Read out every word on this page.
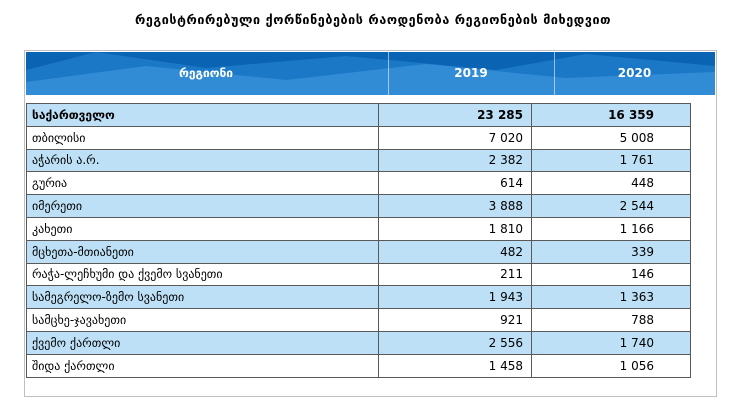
რეგისტრირებული ქორწინებების რაოდენობა რეგიონების მიხედვით
რეგიონი	2019	2020
საქართველო	23 285	16 359
თბილისი	7 020	5 008
აჭარის ა.რ.	2 382	1 761
გურია	614	448
იმერეთი	3 888	2 544
კახეთი	1 810	1 166
მცხეთა-მთიანეთი	482	339
რაჭა-ლეჩხუმი და ქვემო სვანეთი	211	146
სამეგრელო-ზემო სვანეთი	1 943	1 363
სამცხე-ჯავახეთი	921	788
ქვემო ქართლი	2 556	1 740
შიდა ქართლი	1 458	1 056
